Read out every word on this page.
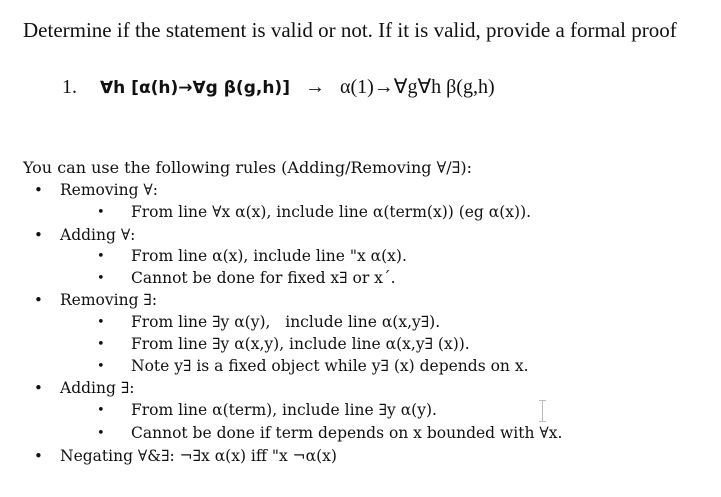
Determine if the statement is valid or not. If it is valid, provide a formal proof
1. ∀h [α(h)→∀g β(g,h)] → α(1)→∀g∀h β(g,h)
You can use the following rules (Adding/Removing ∀/∃):
• Removing ∀:
• From line ∀x α(x), include line α(term(x)) (eg α(x)).
• Adding ∀:
• From line α(x), include line "x α(x).
• Cannot be done for fixed x∃ or x´.
• Removing ∃:
• From line ∃y α(y),   include line α(x,y∃).
• From line ∃y α(x,y), include line α(x,y∃ (x)).
• Note y∃ is a fixed object while y∃ (x) depends on x.
• Adding ∃:
• From line α(term), include line ∃y α(y).
• Cannot be done if term depends on x bounded with ∀x.
• Negating ∀&∃: ¬∃x α(x) iff "x ¬α(x)
